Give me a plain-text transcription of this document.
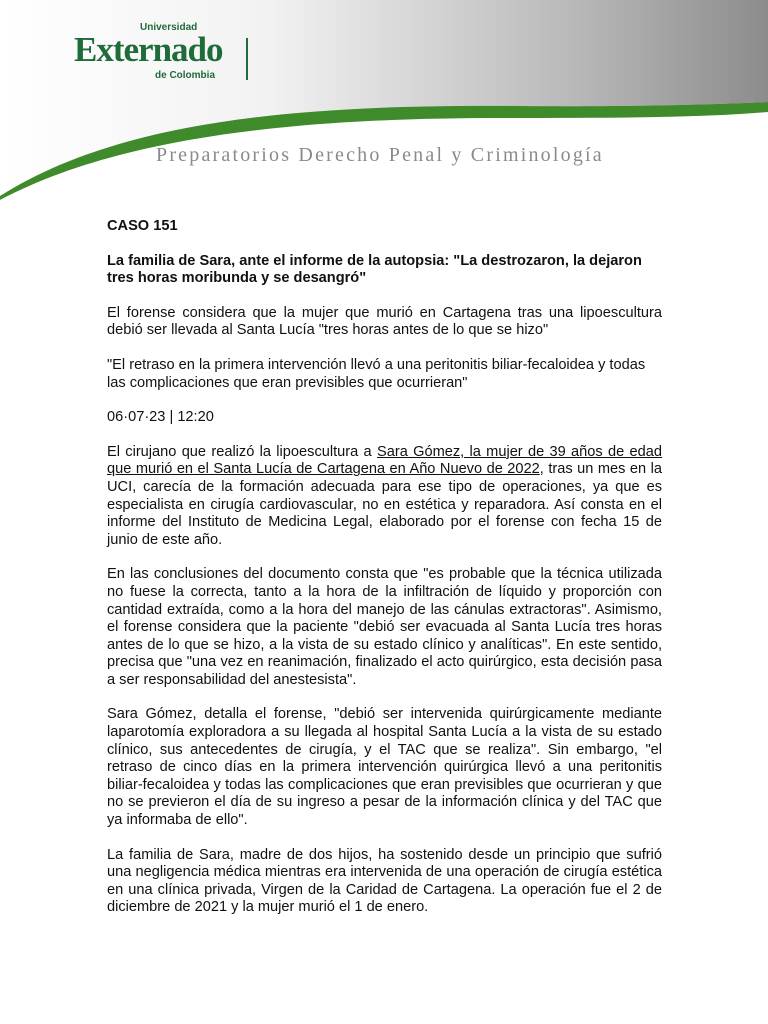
Universidad
Externado
de Colombia
Preparatorios Derecho Penal y Criminología

CASO 151

La familia de Sara, ante el informe de la autopsia: "La destrozaron, la dejaron tres horas moribunda y se desangró"

El forense considera que la mujer que murió en Cartagena tras una lipoescultura debió ser llevada al Santa Lucía "tres horas antes de lo que se hizo"

"El retraso en la primera intervención llevó a una peritonitis biliar-fecaloidea y todas las complicaciones que eran previsibles que ocurrieran"

06·07·23 | 12:20

El cirujano que realizó la lipoescultura a Sara Gómez, la mujer de 39 años de edad que murió en el Santa Lucía de Cartagena en Año Nuevo de 2022, tras un mes en la UCI, carecía de la formación adecuada para ese tipo de operaciones, ya que es especialista en cirugía cardiovascular, no en estética y reparadora. Así consta en el informe del Instituto de Medicina Legal, elaborado por el forense con fecha 15 de junio de este año.

En las conclusiones del documento consta que "es probable que la técnica utilizada no fuese la correcta, tanto a la hora de la infiltración de líquido y proporción con cantidad extraída, como a la hora del manejo de las cánulas extractoras". Asimismo, el forense considera que la paciente "debió ser evacuada al Santa Lucía tres horas antes de lo que se hizo, a la vista de su estado clínico y analíticas". En este sentido, precisa que "una vez en reanimación, finalizado el acto quirúrgico, esta decisión pasa a ser responsabilidad del anestesista".

Sara Gómez, detalla el forense, "debió ser intervenida quirúrgicamente mediante laparotomía exploradora a su llegada al hospital Santa Lucía a la vista de su estado clínico, sus antecedentes de cirugía, y el TAC que se realiza". Sin embargo, "el retraso de cinco días en la primera intervención quirúrgica llevó a una peritonitis biliar-fecaloidea y todas las complicaciones que eran previsibles que ocurrieran y que no se previeron el día de su ingreso a pesar de la información clínica y del TAC que ya informaba de ello".

La familia de Sara, madre de dos hijos, ha sostenido desde un principio que sufrió una negligencia médica mientras era intervenida de una operación de cirugía estética en una clínica privada, Virgen de la Caridad de Cartagena. La operación fue el 2 de diciembre de 2021 y la mujer murió el 1 de enero.
